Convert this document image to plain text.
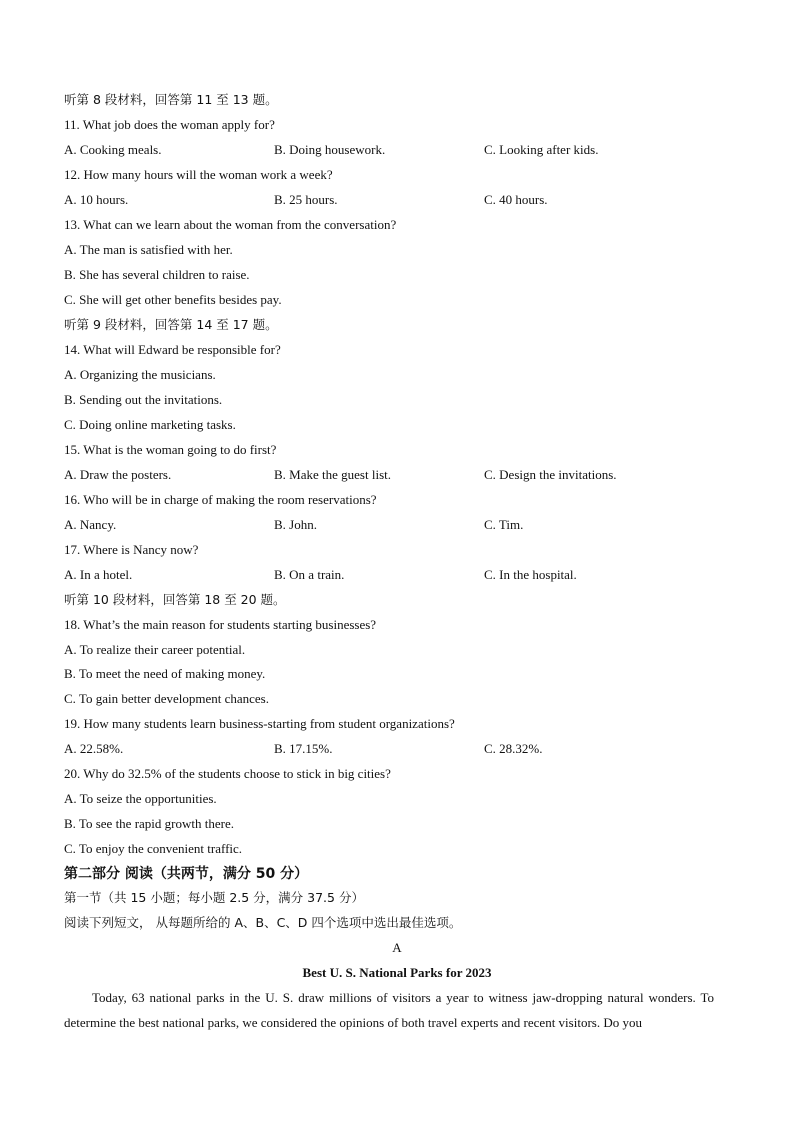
听第 8 段材料，回答第 11 至 13 题。
11. What job does the woman apply for?
A. Cooking meals.	B. Doing housework.	C. Looking after kids.
12. How many hours will the woman work a week?
A. 10 hours.	B. 25 hours.	C. 40 hours.
13. What can we learn about the woman from the conversation?
A. The man is satisfied with her.
B. She has several children to raise.
C. She will get other benefits besides pay.
听第 9 段材料，回答第 14 至 17 题。
14. What will Edward be responsible for?
A. Organizing the musicians.
B. Sending out the invitations.
C. Doing online marketing tasks.
15. What is the woman going to do first?
A. Draw the posters.	B. Make the guest list.	C. Design the invitations.
16. Who will be in charge of making the room reservations?
A. Nancy.	B. John.	C. Tim.
17. Where is Nancy now?
A. In a hotel.	B. On a train.	C. In the hospital.
听第 10 段材料，回答第 18 至 20 题。
18. What’s the main reason for students starting businesses?
A. To realize their career potential.
B. To meet the need of making money.
C. To gain better development chances.
19. How many students learn business-starting from student organizations?
A. 22.58%.	B. 17.15%.	C. 28.32%.
20. Why do 32.5% of the students choose to stick in big cities?
A. To seize the opportunities.
B. To see the rapid growth there.
C. To enjoy the convenient traffic.
第二部分 阅读（共两节，满分 50 分）
第一节（共 15 小题；每小题 2.5 分，满分 37.5 分）
阅读下列短文， 从每题所给的 A、B、C、D 四个选项中选出最佳选项。
A
Best U. S. National Parks for 2023
Today, 63 national parks in the U. S. draw millions of visitors a year to witness jaw-dropping natural wonders. To determine the best national parks, we considered the opinions of both travel experts and recent visitors. Do you
